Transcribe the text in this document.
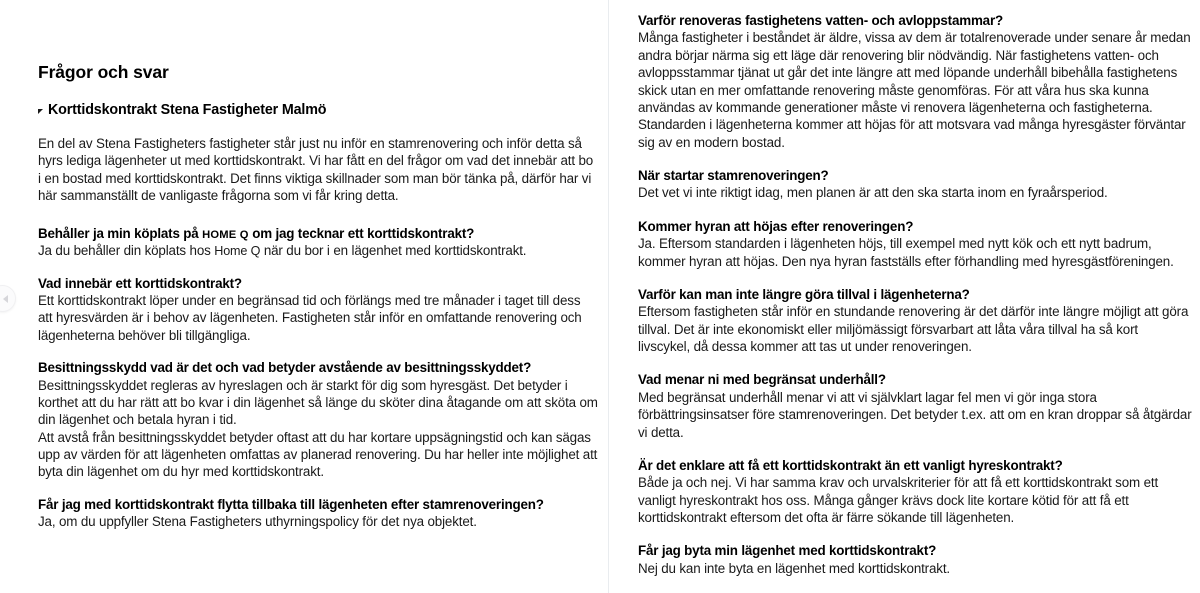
Frågor och svar
Korttidskontrakt Stena Fastigheter Malmö

En del av Stena Fastigheters fastigheter står just nu inför en stamrenovering och inför detta så hyrs lediga lägenheter ut med korttidskontrakt. Vi har fått en del frågor om vad det innebär att bo i en bostad med korttidskontrakt. Det finns viktiga skillnader som man bör tänka på, därför har vi här sammanställt de vanligaste frågorna som vi får kring detta.

Behåller ja min köplats på HOME Q om jag tecknar ett korttidskontrakt?

Ja du behåller din köplats hos Home Q när du bor i en lägenhet med korttidskontrakt.

Vad innebär ett korttidskontrakt?

Ett korttidskontrakt löper under en begränsad tid och förlängs med tre månader i taget till dess att hyresvärden är i behov av lägenheten. Fastigheten står inför en omfattande renovering och lägenheterna behöver bli tillgängliga.

Besittningsskydd vad är det och vad betyder avstående av besittningsskyddet?

Besittningsskyddet regleras av hyreslagen och är starkt för dig som hyresgäst. Det betyder i korthet att du har rätt att bo kvar i din lägenhet så länge du sköter dina åtagande om att sköta om din lägenhet och betala hyran i tid.

Att avstå från besittningsskyddet betyder oftast att du har kortare uppsägningstid och kan sägas upp av värden för att lägenheten omfattas av planerad renovering. Du har heller inte möjlighet att byta din lägenhet om du hyr med korttidskontrakt.

Får jag med korttidskontrakt flytta tillbaka till lägenheten efter stamrenoveringen?

Ja, om du uppfyller Stena Fastigheters uthyrningspolicy för det nya objektet.

Varför renoveras fastighetens vatten- och avloppstammar?

Många fastigheter i beståndet är äldre, vissa av dem är totalrenoverade under senare år medan andra börjar närma sig ett läge där renovering blir nödvändig. När fastighetens vatten- och avloppsstammar tjänat ut går det inte längre att med löpande underhåll bibehålla fastighetens skick utan en mer omfattande renovering måste genomföras. För att våra hus ska kunna användas av kommande generationer måste vi renovera lägenheterna och fastigheterna. Standarden i lägenheterna kommer att höjas för att motsvara vad många hyresgäster förväntar sig av en modern bostad.

När startar stamrenoveringen?

Det vet vi inte riktigt idag, men planen är att den ska starta inom en fyraårsperiod.

Kommer hyran att höjas efter renoveringen?

Ja. Eftersom standarden i lägenheten höjs, till exempel med nytt kök och ett nytt badrum, kommer hyran att höjas. Den nya hyran fastställs efter förhandling med hyresgästföreningen.

Varför kan man inte längre göra tillval i lägenheterna?

Eftersom fastigheten står inför en stundande renovering är det därför inte längre möjligt att göra tillval. Det är inte ekonomiskt eller miljömässigt försvarbart att låta våra tillval ha så kort livscykel, då dessa kommer att tas ut under renoveringen.

Vad menar ni med begränsat underhåll?

Med begränsat underhåll menar vi att vi självklart lagar fel men vi gör inga stora förbättringsinsatser före stamrenoveringen. Det betyder t.ex. att om en kran droppar så åtgärdar vi detta.

Är det enklare att få ett korttidskontrakt än ett vanligt hyreskontrakt?

Både ja och nej. Vi har samma krav och urvalskriterier för att få ett korttidskontrakt som ett vanligt hyreskontrakt hos oss. Många gånger krävs dock lite kortare kötid för att få ett korttidskontrakt eftersom det ofta är färre sökande till lägenheten.

Får jag byta min lägenhet med korttidskontrakt?

Nej du kan inte byta en lägenhet med korttidskontrakt.
